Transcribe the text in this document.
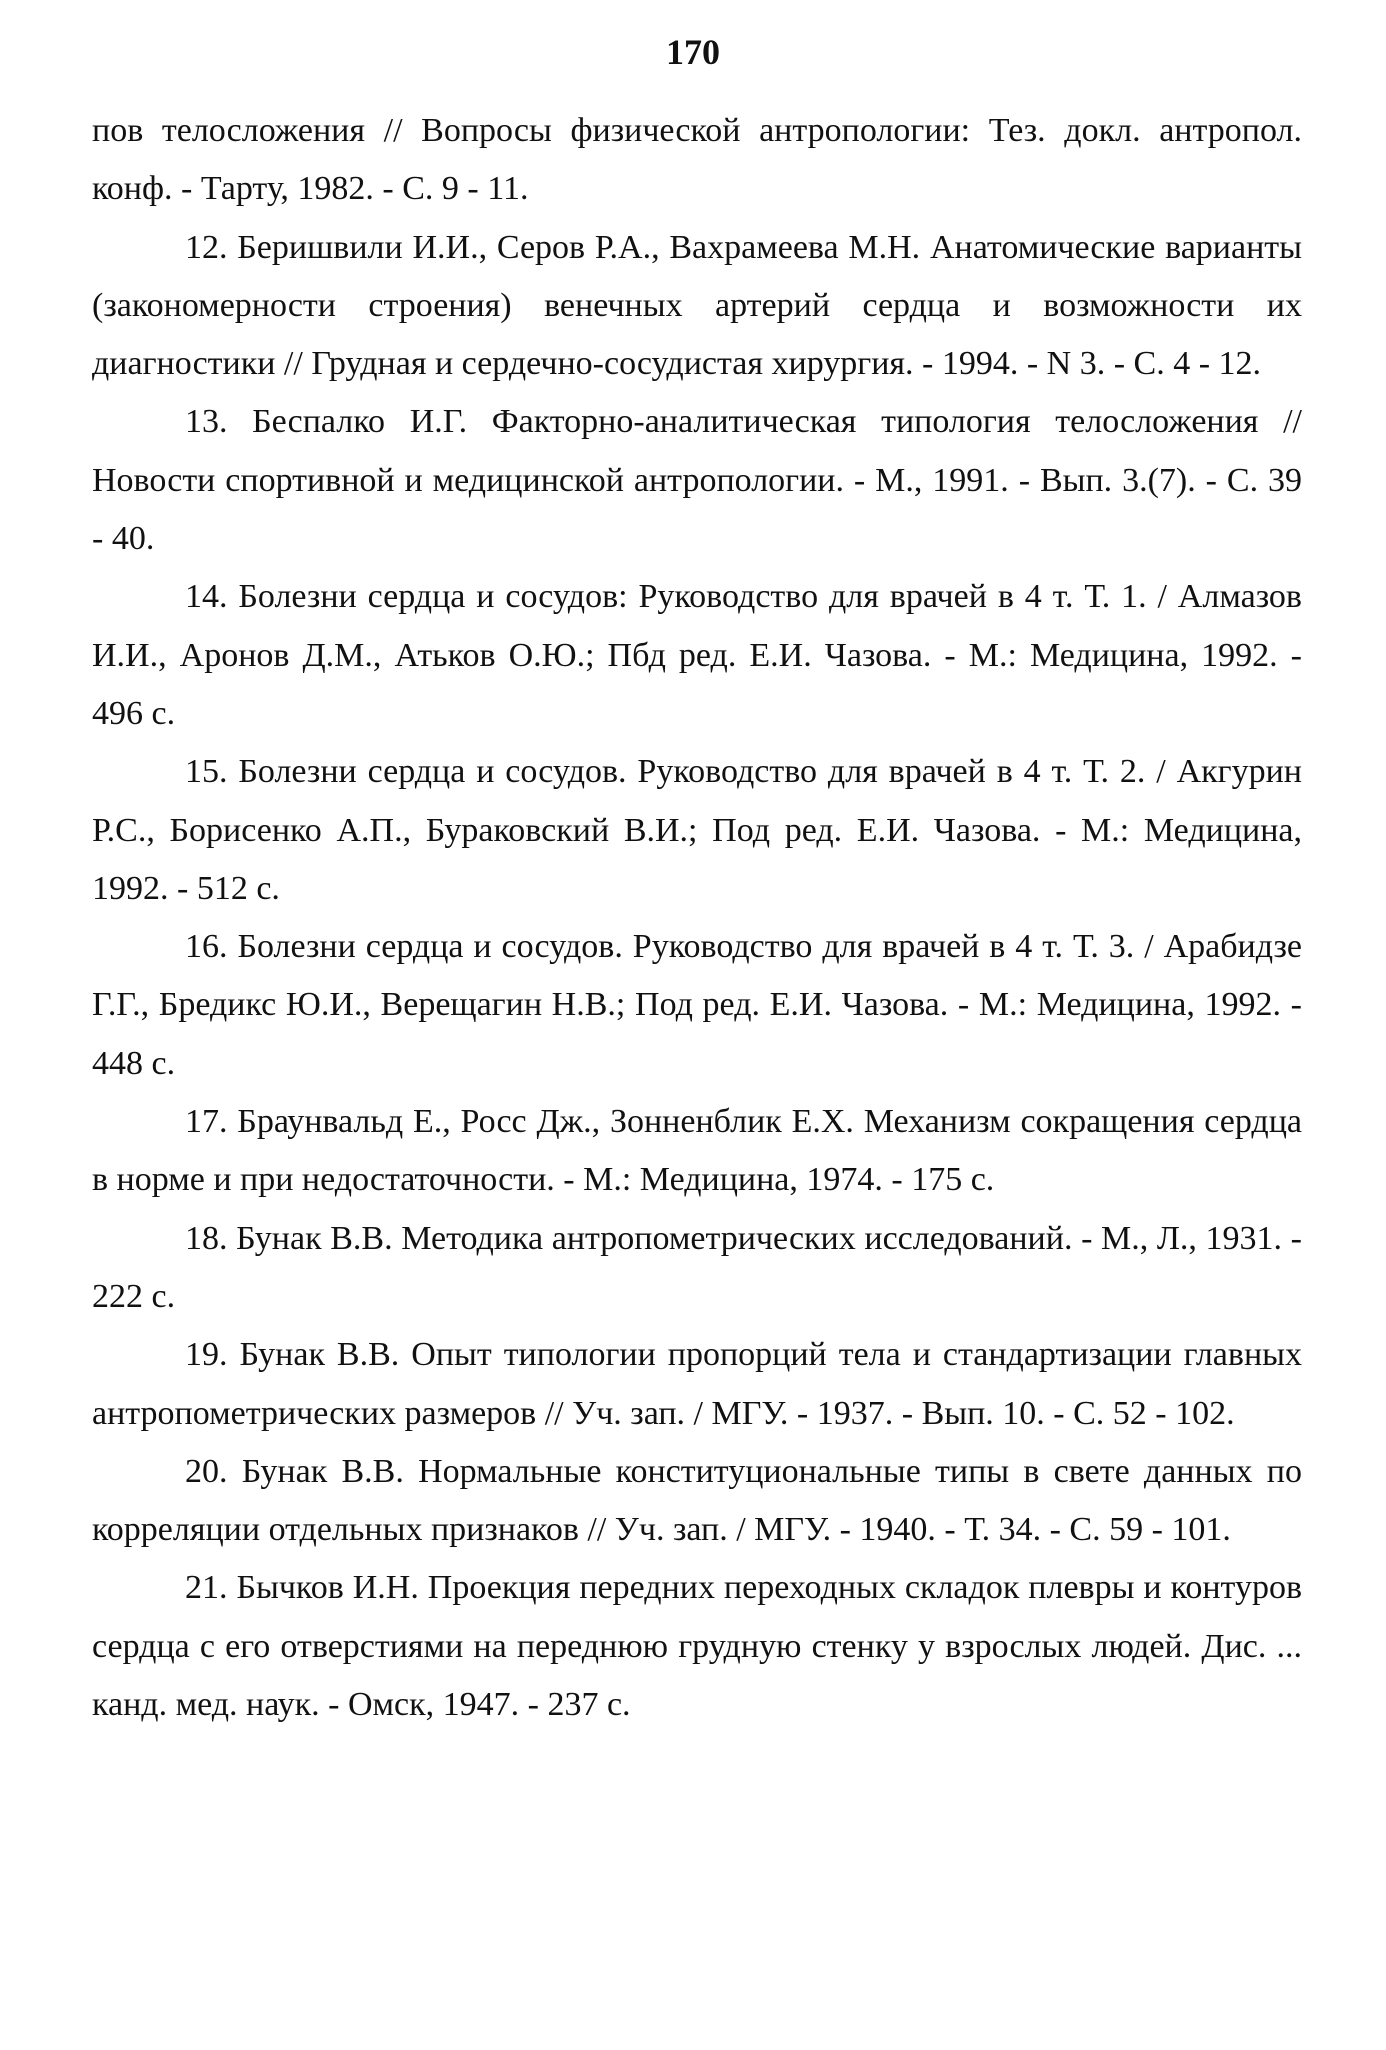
170

пов телосложения // Вопросы физической антропологии: Тез. докл. антропол. конф. - Тарту, 1982. - С. 9 - 11.

12. Беришвили И.И., Серов Р.А., Вахрамеева М.Н. Анатомические варианты (закономерности строения) венечных артерий сердца и возможности их диагностики // Грудная и сердечно-сосудистая хирургия. - 1994. - N 3. - С. 4 - 12.

13. Беспалко И.Г. Факторно-аналитическая типология телосложения // Новости спортивной и медицинской антропологии. - М., 1991. - Вып. 3.(7). - С. 39 - 40.

14. Болезни сердца и сосудов: Руководство для врачей в 4 т. Т. 1. / Алмазов И.И., Аронов Д.М., Атьков О.Ю.; Пбд ред. Е.И. Чазова. - М.: Медицина, 1992. - 496 с.

15. Болезни сердца и сосудов. Руководство для врачей в 4 т. Т. 2. / Акгурин Р.С., Борисенко А.П., Бураковский В.И.; Под ред. Е.И. Чазова. - М.: Медицина, 1992. - 512 с.

16. Болезни сердца и сосудов. Руководство для врачей в 4 т. Т. 3. / Арабидзе Г.Г., Бредикс Ю.И., Верещагин Н.В.; Под ред. Е.И. Чазова. - М.: Медицина, 1992. - 448 с.

17. Браунвальд Е., Росс Дж., Зонненблик Е.Х. Механизм сокращения сердца в норме и при недостаточности. - М.: Медицина, 1974. - 175 с.

18. Бунак В.В. Методика антропометрических исследований. - М., Л., 1931. - 222 с.

19. Бунак В.В. Опыт типологии пропорций тела и стандартизации главных антропометрических размеров // Уч. зап. / МГУ. - 1937. - Вып. 10. - С. 52 - 102.

20. Бунак В.В. Нормальные конституциональные типы в свете данных по корреляции отдельных признаков // Уч. зап. / МГУ. - 1940. - Т. 34. - С. 59 - 101.

21. Бычков И.Н. Проекция передних переходных складок плевры и контуров сердца с его отверстиями на переднюю грудную стенку у взрослых людей. Дис. ... канд. мед. наук. - Омск, 1947. - 237 с.
